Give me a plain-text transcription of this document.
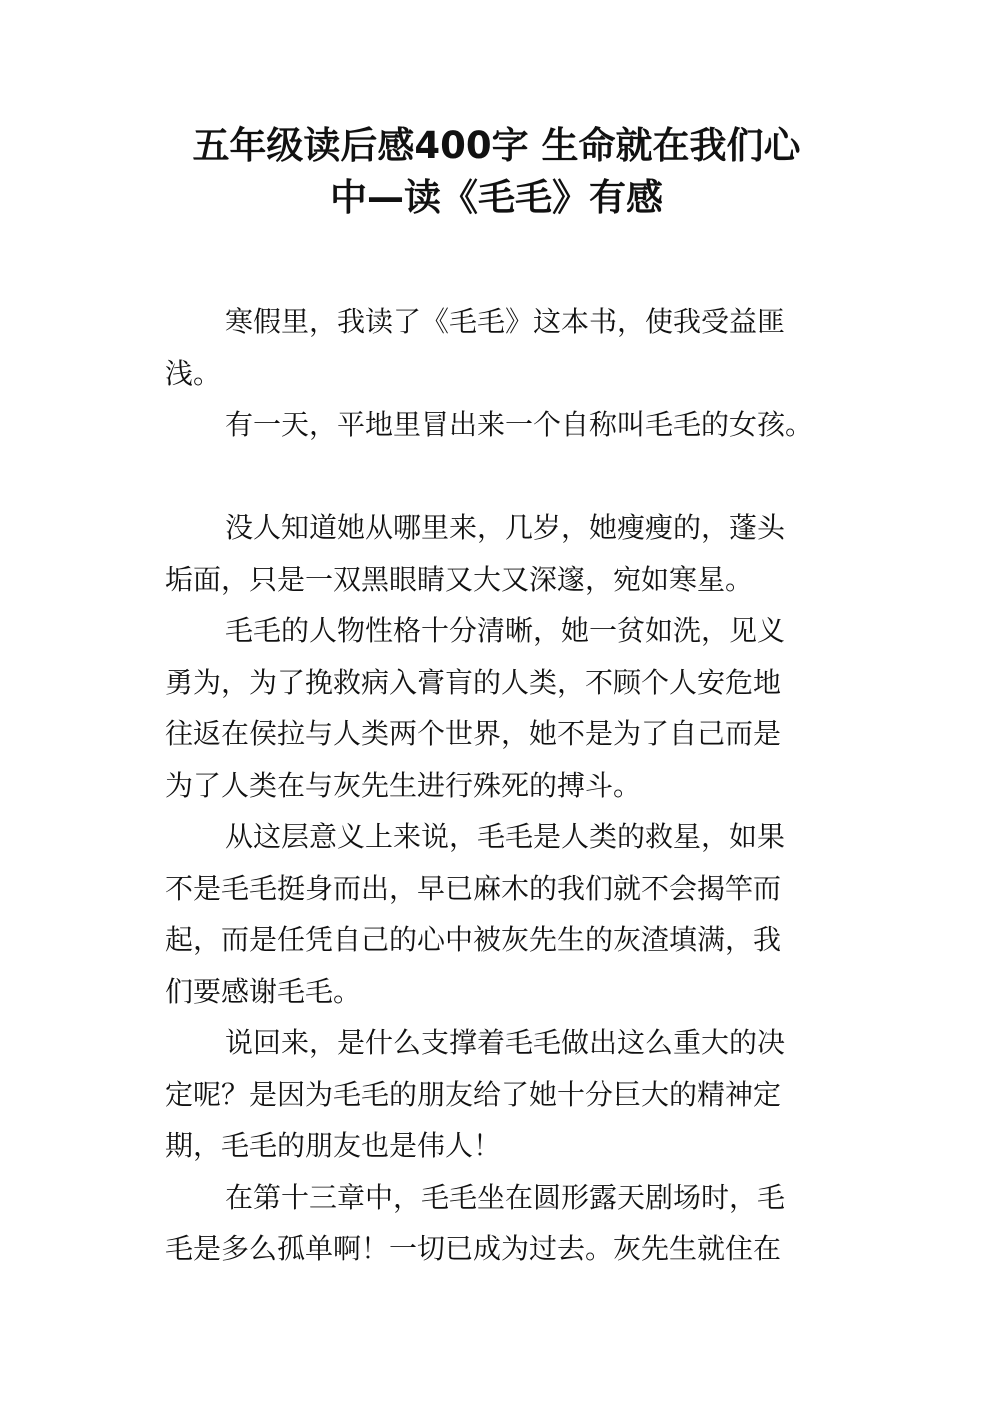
五年级读后感400字 生命就在我们心
中—读《毛毛》有感
寒假里，我读了《毛毛》这本书，使我受益匪
浅。
有一天，平地里冒出来一个自称叫毛毛的女孩。
没人知道她从哪里来，几岁，她瘦瘦的，蓬头
垢面，只是一双黑眼睛又大又深邃，宛如寒星。
毛毛的人物性格十分清晰，她一贫如洗，见义
勇为，为了挽救病入膏肓的人类，不顾个人安危地
往返在侯拉与人类两个世界，她不是为了自己而是
为了人类在与灰先生进行殊死的搏斗。
从这层意义上来说，毛毛是人类的救星，如果
不是毛毛挺身而出，早已麻木的我们就不会揭竿而
起，而是任凭自己的心中被灰先生的灰渣填满，我
们要感谢毛毛。
说回来，是什么支撑着毛毛做出这么重大的决
定呢？是因为毛毛的朋友给了她十分巨大的精神定
期，毛毛的朋友也是伟人！
在第十三章中，毛毛坐在圆形露天剧场时，毛
毛是多么孤单啊！一切已成为过去。灰先生就住在
